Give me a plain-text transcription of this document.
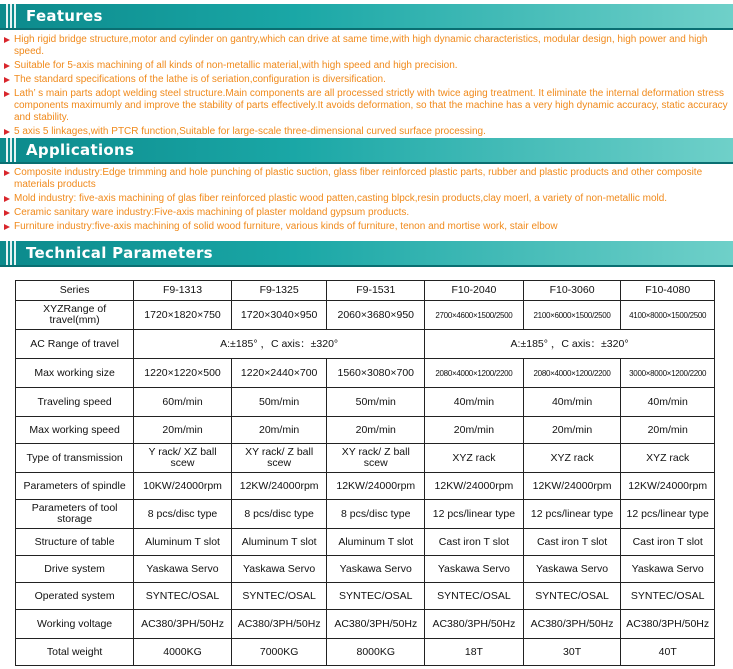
Features
High rigid bridge structure,motor and cylinder on gantry,which can drive at same time,with high dynamic characteristics, modular design, high power and high speed.
Suitable for 5-axis machining of all kinds of non-metallic material,with high speed and high precision.
The standard specifications of the lathe is of seriation,configuration is diversification.
Lath’ s main parts adopt welding steel structure.Main components are all processed strictly with twice aging treatment. It eliminate the internal deformation stress components maximumly and improve the stability of parts effectively.It avoids deformation, so that the machine has a very high dynamic accuracy, static accuracy and stability.
5 axis 5 linkages,with PTCR function,Suitable for large-scale three-dimensional curved surface processing.
Applications
Composite industry:Edge trimming and hole punching of plastic suction, glass fiber reinforced plastic parts, rubber and plastic products and other composite materials products
Mold industry: five-axis machining of glas fiber reinforced plastic wood patten,casting blpck,resin products,clay moerl, a variety of non-metallic mold.
Ceramic sanitary ware industry:Five-axis machining of plaster moldand gypsum products.
Furniture industry:five-axis machining of solid wood furniture, various kinds of furniture, tenon and mortise work, stair elbow
Technical Parameters
Series	F9-1313	F9-1325	F9-1531	F10-2040	F10-3060	F10-4080
XYZRange of travel(mm)	1720×1820×750	1720×3040×950	2060×3680×950	2700×4600×1500/2500	2100×6000×1500/2500	4100×8000×1500/2500
AC Range of travel	A:±185° ，C axis：±320°			A:±185° ，C axis：±320°		
Max working size	1220×1220×500	1220×2440×700	1560×3080×700	2080×4000×1200/2200	2080×4000×1200/2200	3000×8000×1200/2200
Traveling speed	60m/min	50m/min	50m/min	40m/min	40m/min	40m/min
Max working speed	20m/min	20m/min	20m/min	20m/min	20m/min	20m/min
Type of transmission	Y rack/ XZ ball scew	XY rack/ Z ball scew	XY rack/ Z ball scew	XYZ rack	XYZ rack	XYZ rack
Parameters of spindle	10KW/24000rpm	12KW/24000rpm	12KW/24000rpm	12KW/24000rpm	12KW/24000rpm	12KW/24000rpm
Parameters of tool storage	8 pcs/disc type	8 pcs/disc type	8 pcs/disc type	12 pcs/linear type	12 pcs/linear type	12 pcs/linear type
Structure of table	Aluminum T slot	Aluminum T slot	Aluminum T slot	Cast iron T slot	Cast iron T slot	Cast iron T slot
Drive system	Yaskawa Servo	Yaskawa Servo	Yaskawa Servo	Yaskawa Servo	Yaskawa Servo	Yaskawa Servo
Operated system	SYNTEC/OSAL	SYNTEC/OSAL	SYNTEC/OSAL	SYNTEC/OSAL	SYNTEC/OSAL	SYNTEC/OSAL
Working voltage	AC380/3PH/50Hz	AC380/3PH/50Hz	AC380/3PH/50Hz	AC380/3PH/50Hz	AC380/3PH/50Hz	AC380/3PH/50Hz
Total weight	4000KG	7000KG	8000KG	18T	30T	40T
